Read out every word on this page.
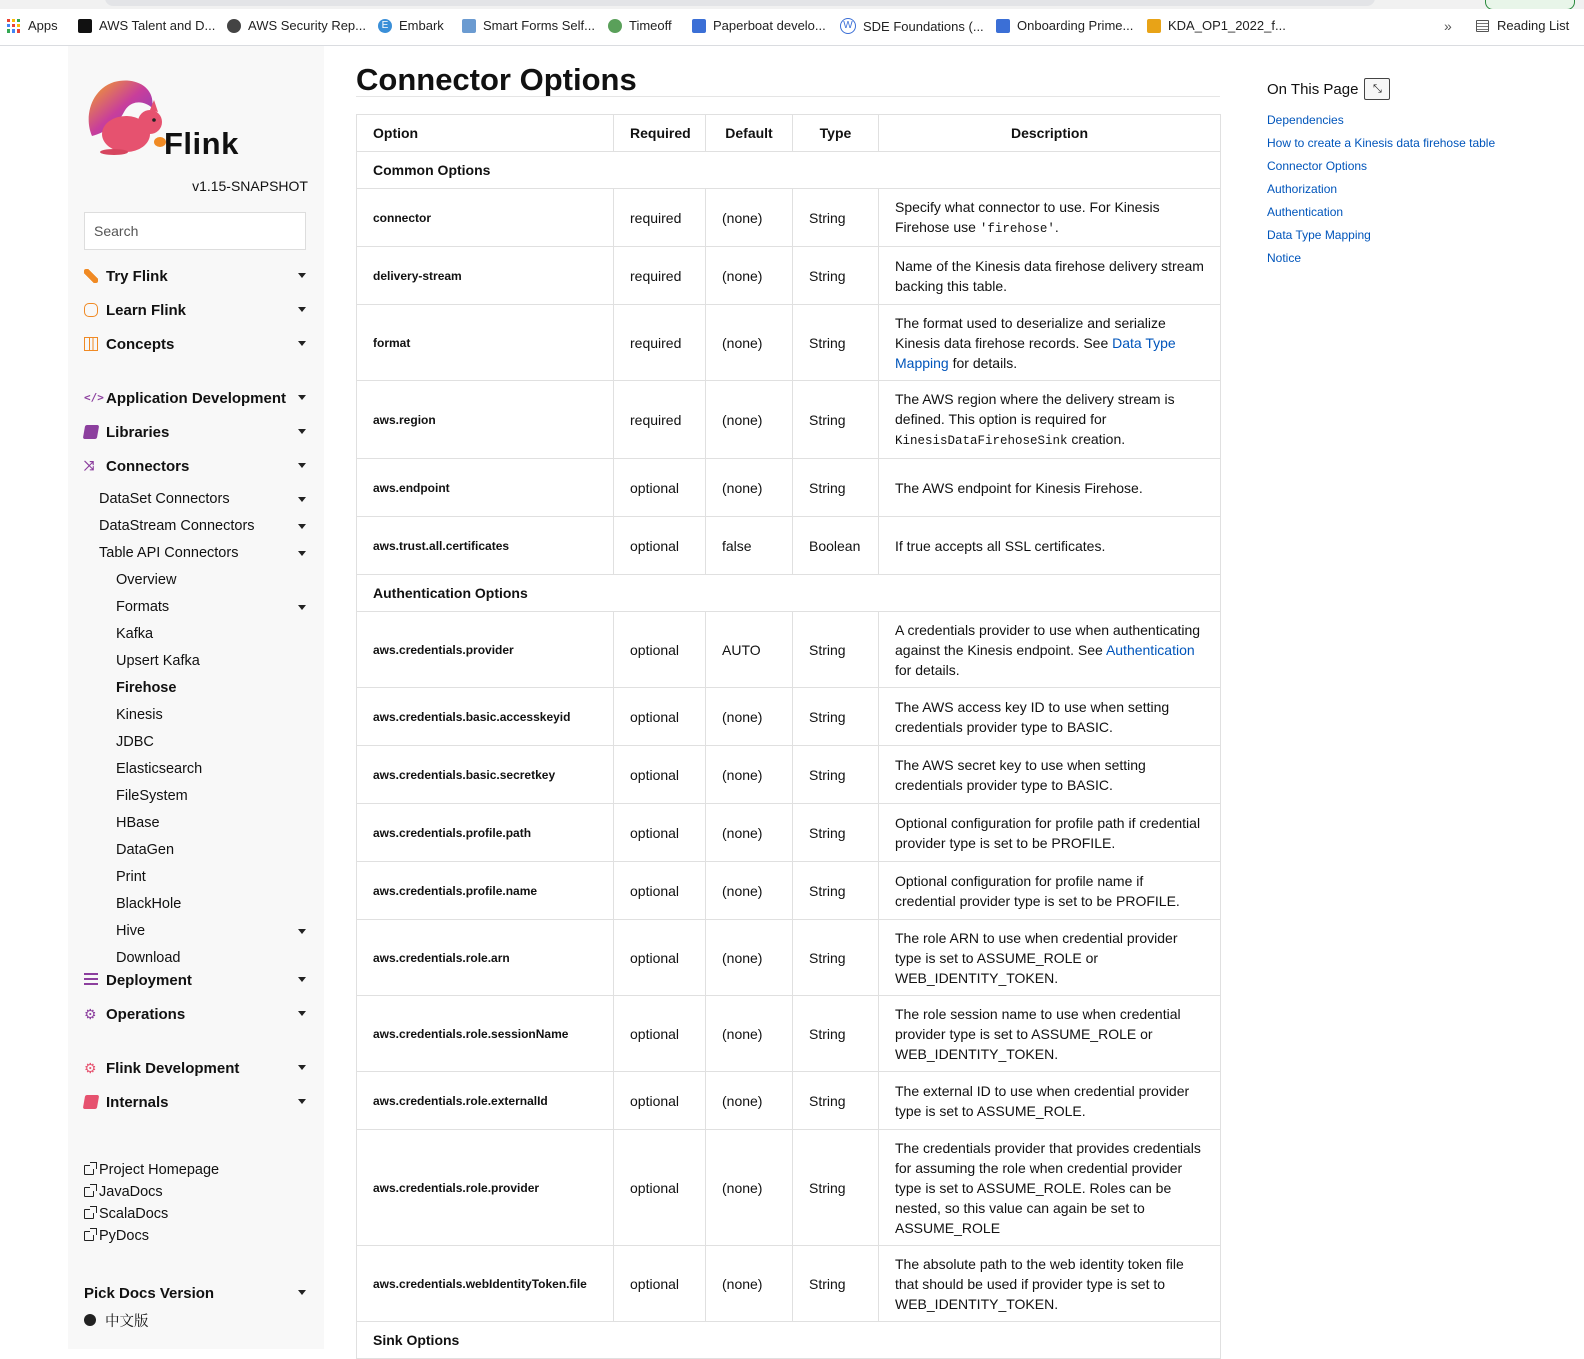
Apps	AWS Talent and D...	AWS Security Rep...	E Embark	Smart Forms Self...	Timeoff	Paperboat develo...	W SDE Foundations (...	Onboarding Prime...	KDA_OP1_2022_f...	»	Reading List
Flink
v1.15-SNAPSHOT
Search
Try Flink
Learn Flink
Concepts
</> Application Development
Libraries
⤨ Connectors
DataSet Connectors
DataStream Connectors
Table API Connectors
Overview
Formats
Kafka
Upsert Kafka
Firehose
Kinesis
JDBC
Elasticsearch
FileSystem
HBase
DataGen
Print
BlackHole
Hive
Download
Deployment
⚙ Operations
⚙ Flink Development
Internals
Project Homepage
JavaDocs
ScalaDocs
PyDocs
Pick Docs Version
中文版
Connector Options
Option	Required	Default	Type	Description
Common Options				
connector	required	(none)	String	Specify what connector to use. For Kinesis Firehose use 'firehose'.
delivery-stream	required	(none)	String	Name of the Kinesis data firehose delivery stream backing this table.
format	required	(none)	String	The format used to deserialize and serialize Kinesis data firehose records. See Data Type Mapping for details.
aws.region	required	(none)	String	The AWS region where the delivery stream is defined. This option is required for KinesisDataFirehoseSink creation.
aws.endpoint	optional	(none)	String	The AWS endpoint for Kinesis Firehose.
aws.trust.all.certificates	optional	false	Boolean	If true accepts all SSL certificates.
Authentication Options				
aws.credentials.provider	optional	AUTO	String	A credentials provider to use when authenticating against the Kinesis endpoint. See Authentication for details.
aws.credentials.basic.accesskeyid	optional	(none)	String	The AWS access key ID to use when setting credentials provider type to BASIC.
aws.credentials.basic.secretkey	optional	(none)	String	The AWS secret key to use when setting credentials provider type to BASIC.
aws.credentials.profile.path	optional	(none)	String	Optional configuration for profile path if credential provider type is set to be PROFILE.
aws.credentials.profile.name	optional	(none)	String	Optional configuration for profile name if credential provider type is set to be PROFILE.
aws.credentials.role.arn	optional	(none)	String	The role ARN to use when credential provider type is set to ASSUME_ROLE or WEB_IDENTITY_TOKEN.
aws.credentials.role.sessionName	optional	(none)	String	The role session name to use when credential provider type is set to ASSUME_ROLE or WEB_IDENTITY_TOKEN.
aws.credentials.role.externalId	optional	(none)	String	The external ID to use when credential provider type is set to ASSUME_ROLE.
aws.credentials.role.provider	optional	(none)	String	The credentials provider that provides credentials for assuming the role when credential provider type is set to ASSUME_ROLE. Roles can be nested, so this value can again be set to ASSUME_ROLE
aws.credentials.webIdentityToken.file	optional	(none)	String	The absolute path to the web identity token file that should be used if provider type is set to WEB_IDENTITY_TOKEN.
Sink Options				
On This Page ⤡
Dependencies
How to create a Kinesis data firehose table
Connector Options
Authorization
Authentication
Data Type Mapping
Notice
